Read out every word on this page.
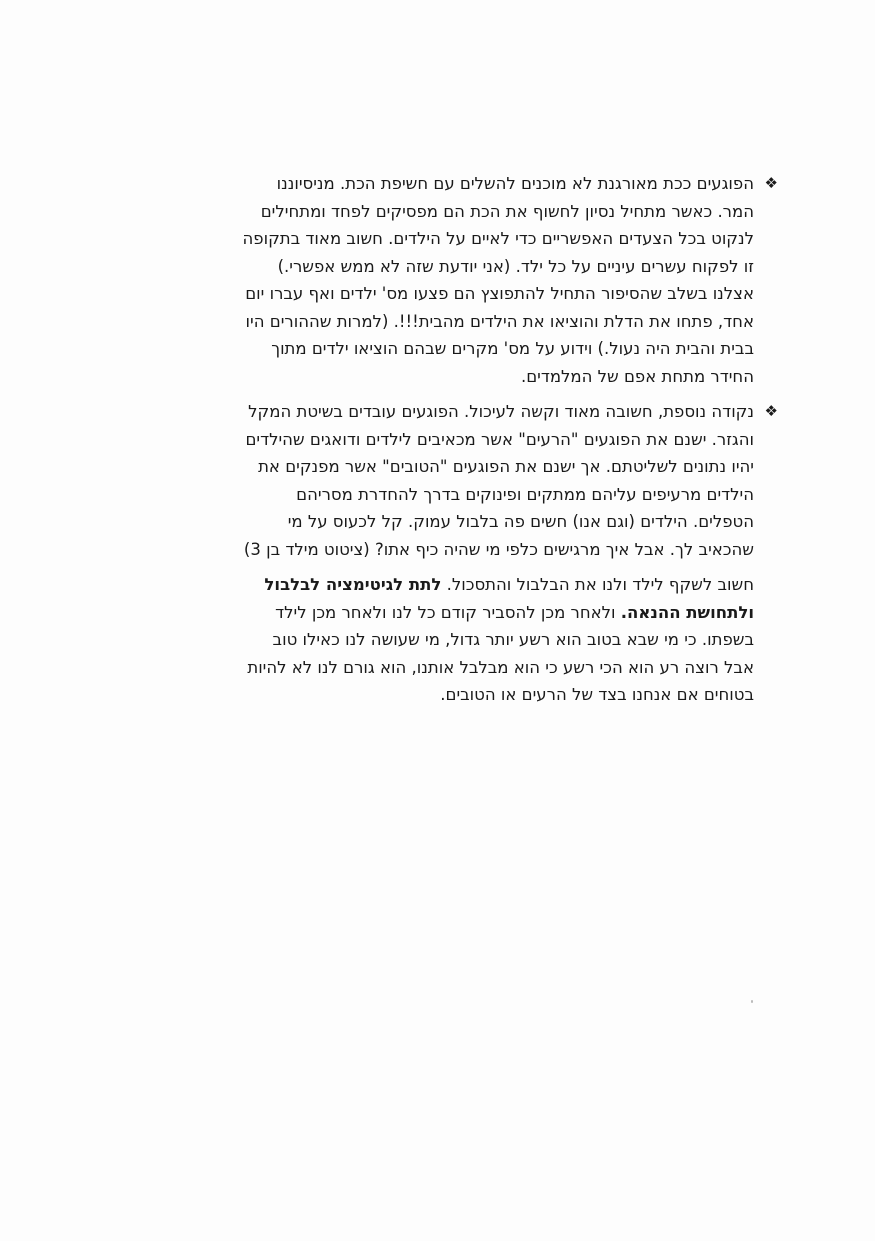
❖
הפוגעים ככת מאורגנת לא מוכנים להשלים עם חשיפת הכת. מניסיוננו
המר. כאשר מתחיל נסיון לחשוף את הכת הם מפסיקים לפחד ומתחילים
לנקוט בכל הצעדים האפשריים כדי לאיים על הילדים. חשוב מאוד בתקופה
זו לפקוח עשרים עיניים על כל ילד. (אני יודעת שזה לא ממש אפשרי.)
אצלנו בשלב שהסיפור התחיל להתפוצץ הם פצעו מס' ילדים ואף עברו יום
אחד, פתחו את הדלת והוציאו את הילדים מהבית!!!. (למרות שההורים היו
בבית והבית היה נעול.) וידוע על מס' מקרים שבהם הוציאו ילדים מתוך
החידר מתחת אפם של המלמדים.
❖
נקודה נוספת, חשובה מאוד וקשה לעיכול. הפוגעים עובדים בשיטת המקל
והגזר. ישנם את הפוגעים "הרעים" אשר מכאיבים לילדים ודואגים שהילדים
יהיו נתונים לשליטתם. אך ישנם את הפוגעים "הטובים" אשר מפנקים את
הילדים מרעיפים עליהם ממתקים ופינוקים בדרך להחדרת מסריהם
הטפלים. הילדים (וגם אנו) חשים פה בלבול עמוק. קל לכעוס על מי
שהכאיב לך. אבל איך מרגישים כלפי מי שהיה כיף אתו? (ציטוט מילד בן 3)
חשוב לשקף לילד ולנו את הבלבול והתסכול. לתת לגיטימציה לבלבול
ולתחושת ההנאה. ולאחר מכן להסביר קודם כל לנו ולאחר מכן לילד
בשפתו. כי מי שבא בטוב הוא רשע יותר גדול, מי שעושה לנו כאילו טוב
אבל רוצה רע הוא הכי רשע כי הוא מבלבל אותנו, הוא גורם לנו לא להיות
בטוחים אם אנחנו בצד של הרעים או הטובים.
